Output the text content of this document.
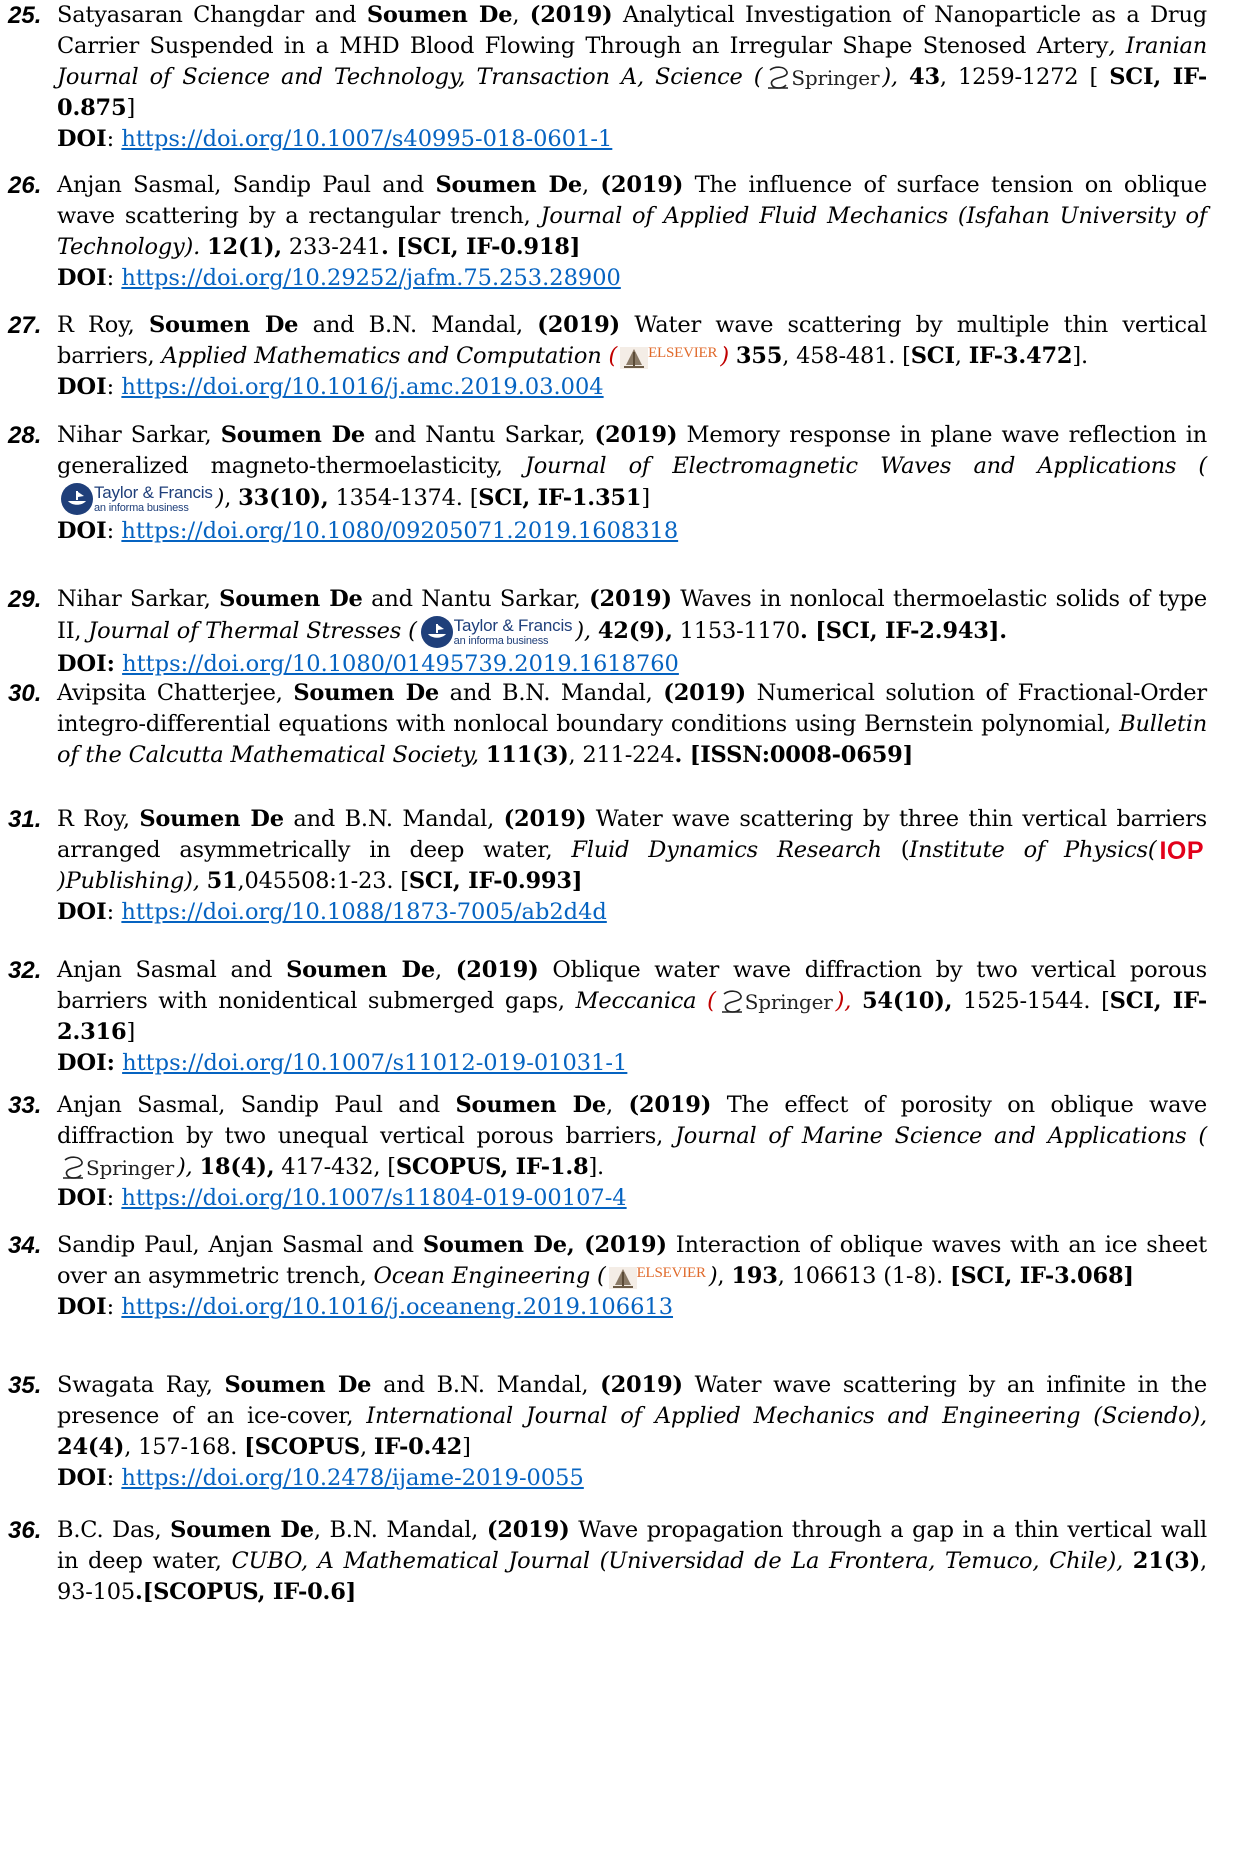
25. Satyasaran Changdar and Soumen De, (2019) Analytical Investigation of Nanoparticle as a Drug Carrier Suspended in a MHD Blood Flowing Through an Irregular Shape Stenosed Artery, Iranian Journal of Science and Technology, Transaction A, Science ( Springer ), 43, 1259-1272 [ SCI, IF-0.875]
DOI: https://doi.org/10.1007/s40995-018-0601-1
26. Anjan Sasmal, Sandip Paul and Soumen De, (2019) The influence of surface tension on oblique wave scattering by a rectangular trench, Journal of Applied Fluid Mechanics (Isfahan University of Technology). 12(1), 233-241. [SCI, IF-0.918]
DOI: https://doi.org/10.29252/jafm.75.253.28900
27. R Roy, Soumen De and B.N. Mandal, (2019) Water wave scattering by multiple thin vertical barriers, Applied Mathematics and Computation ( $^{ELSEVIER}$ ) 355, 458-481. [SCI, IF-3.472].
DOI: https://doi.org/10.1016/j.amc.2019.03.004
28. Nihar Sarkar, Soumen De and Nantu Sarkar, (2019) Memory response in plane wave reflection in generalized magneto-thermoelasticity, Journal of Electromagnetic Waves and Applications (
Taylor & Francis
an informa business	), 33(10), 1354-1374. [SCI, IF-1.351]
DOI: https://doi.org/10.1080/09205071.2019.1608318
29. Nihar Sarkar, Soumen De and Nantu Sarkar, (2019) Waves in nonlocal thermoelastic solids of type II, Journal of Thermal Stresses ( Taylor & Francis
an informa business	), 42(9), 1153-1170. [SCI, IF-2.943].
DOI: https://doi.org/10.1080/01495739.2019.1618760
30. Avipsita Chatterjee, Soumen De and B.N. Mandal, (2019) Numerical solution of Fractional-Order integro-differential equations with nonlocal boundary conditions using Bernstein polynomial, Bulletin of the Calcutta Mathematical Society, 111(3), 211-224. [ISSN:0008-0659]
31. R Roy, Soumen De and B.N. Mandal, (2019) Water wave scattering by three thin vertical barriers arranged asymmetrically in deep water, Fluid Dynamics Research (Institute of Physics( IOP)Publishing), 51,045508:1-23. [SCI, IF-0.993]
DOI: https://doi.org/10.1088/1873-7005/ab2d4d
32. Anjan Sasmal and Soumen De, (2019) Oblique water wave diffraction by two vertical porous barriers with nonidentical submerged gaps, Meccanica ( Springer ), 54(10), 1525-1544. [SCI, IF-2.316]
DOI: https://doi.org/10.1007/s11012-019-01031-1
33. Anjan Sasmal, Sandip Paul and Soumen De, (2019) The effect of porosity on oblique wave diffraction by two unequal vertical porous barriers, Journal of Marine Science and Applications (Springer ), 18(4), 417-432, [SCOPUS, IF-1.8].
DOI: https://doi.org/10.1007/s11804-019-00107-4
34. Sandip Paul, Anjan Sasmal and Soumen De, (2019) Interaction of oblique waves with an ice sheet over an asymmetric trench, Ocean Engineering ( $^{ELSEVIER}$ ), 193, 106613 (1-8). [SCI, IF-3.068]
DOI: https://doi.org/10.1016/j.oceaneng.2019.106613
35. Swagata Ray, Soumen De and B.N. Mandal, (2019) Water wave scattering by an infinite in the presence of an ice-cover, International Journal of Applied Mechanics and Engineering (Sciendo), 24(4), 157-168. [SCOPUS, IF-0.42]
DOI: https://doi.org/10.2478/ijame-2019-0055
36. B.C. Das, Soumen De, B.N. Mandal, (2019) Wave propagation through a gap in a thin vertical wall in deep water, CUBO, A Mathematical Journal (Universidad de La Frontera, Temuco, Chile), 21(3), 93-105.[SCOPUS, IF-0.6]
